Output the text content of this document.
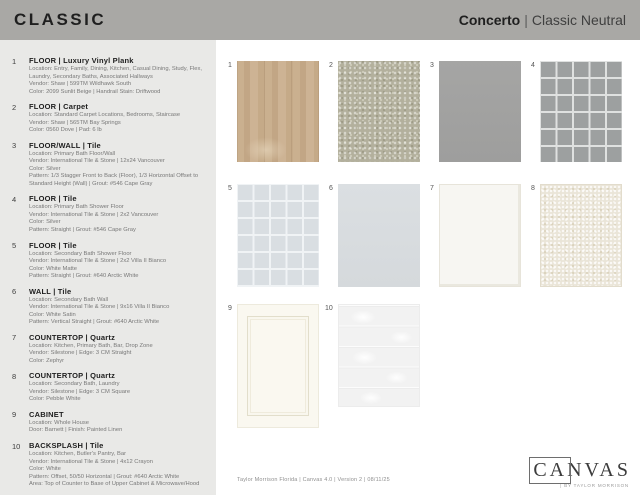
CLASSIC	Concerto | Classic Neutral
1	FLOOR | Luxury Vinyl Plank
Location: Entry, Family, Dining, Kitchen, Casual Dining, Study, Flex, Laundry, Secondary Baths, Associated Hallways
Vendor: Shaw | 599TM Wildhawk South
Color: 2099 Sunlit Beige | Handrail Stain: Driftwood
2	FLOOR | Carpet
Location: Standard Carpet Locations, Bedrooms, Staircase
Vendor: Shaw | 565TM Bay Springs
Color: 0560 Dove | Pad: 6 lb
3	FLOOR/WALL | Tile
Location: Primary Bath Floor/Wall
Vendor: International Tile & Stone | 12x24 Vancouver
Color: Silver
Pattern: 1/3 Stagger Front to Back (Floor), 1/3 Horizontal Offset to Standard Height (Wall) | Grout: #546 Cape Gray
4	FLOOR | Tile
Location: Primary Bath Shower Floor
Vendor: International Tile & Stone | 2x2 Vancouver
Color: Silver
Pattern: Straight | Grout: #546 Cape Gray
5	FLOOR | Tile
Location: Secondary Bath Shower Floor
Vendor: International Tile & Stone | 2x2 Villa II Bianco
Color: White Matte
Pattern: Straight | Grout: #640 Arctic White
6	WALL | Tile
Location: Secondary Bath Wall
Vendor: International Tile & Stone | 9x16 Villa II Bianco
Color: White Satin
Pattern: Vertical Straight | Grout: #640 Arctic White
7	COUNTERTOP | Quartz
Location: Kitchen, Primary Bath, Bar, Drop Zone
Vendor: Silestone | Edge: 3 CM Straight
Color: Zephyr
8	COUNTERTOP | Quartz
Location: Secondary Bath, Laundry
Vendor: Silestone | Edge: 3 CM Square
Color: Pebble White
9	CABINET
Location: Whole House
Door: Barnett | Finish: Painted Linen
10	BACKSPLASH | Tile
Location: Kitchen, Butler's Pantry, Bar
Vendor: International Tile & Stone | 4x12 Crayon
Color: White
Pattern: Offset, 50/50 Horizontal | Grout: #640 Arctic White
Area: Top of Counter to Base of Upper Cabinet & Microwave/Hood
1	2	3	4
5	6	7	8
9	10
Taylor Morrison Florida | Canvas 4.0 | Version 2 | 08/11/25	CANVAS
| BY TAYLOR MORRISON
